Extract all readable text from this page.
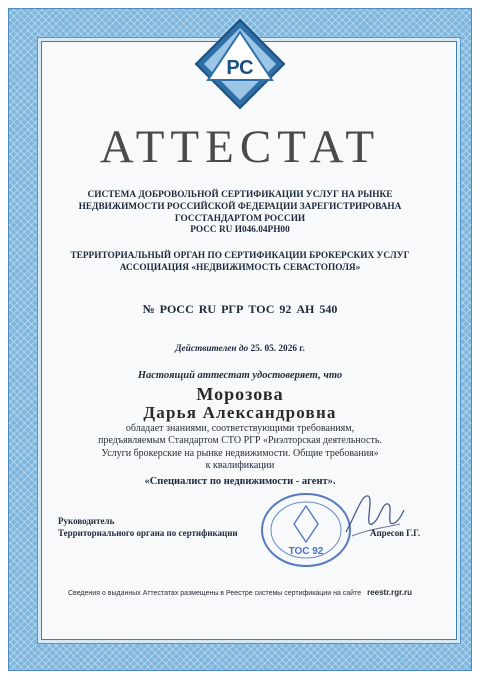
РС
АТТЕСТАТ
СИСТЕМА ДОБРОВОЛЬНОЙ СЕРТИФИКАЦИИ УСЛУГ НА РЫНКЕ
НЕДВИЖИМОСТИ РОССИЙСКОЙ ФЕДЕРАЦИИ ЗАРЕГИСТРИРОВАНА
ГОССТАНДАРТОМ РОССИИ
РОСС RU И046.04РН00
ТЕРРИТОРИАЛЬНЫЙ ОРГАН ПО СЕРТИФИКАЦИИ БРОКЕРСКИХ УСЛУГ
АССОЦИАЦИЯ «НЕДВИЖИМОСТЬ СЕВАСТОПОЛЯ»
№ РОСС RU РГР ТОС 92 АН 540
Действителен до 25. 05. 2026 г.
Настоящий аттестат удостоверяет, что
Морозова
Дарья Александровна
обладает знаниями, соответствующими требованиям,
предъявляемым Стандартом СТО РГР «Риэлторская деятельность.
Услуги брокерские на рынке недвижимости. Общие требования»
к квалификации
«Специалист по недвижимости - агент».
Руководитель
Территориального органа по сертификации
ТОС 92
Апресов Г.Г.
Сведения о выданных Аттестатах размещены в Реестре системы сертификации на сайте reestr.rgr.ru
